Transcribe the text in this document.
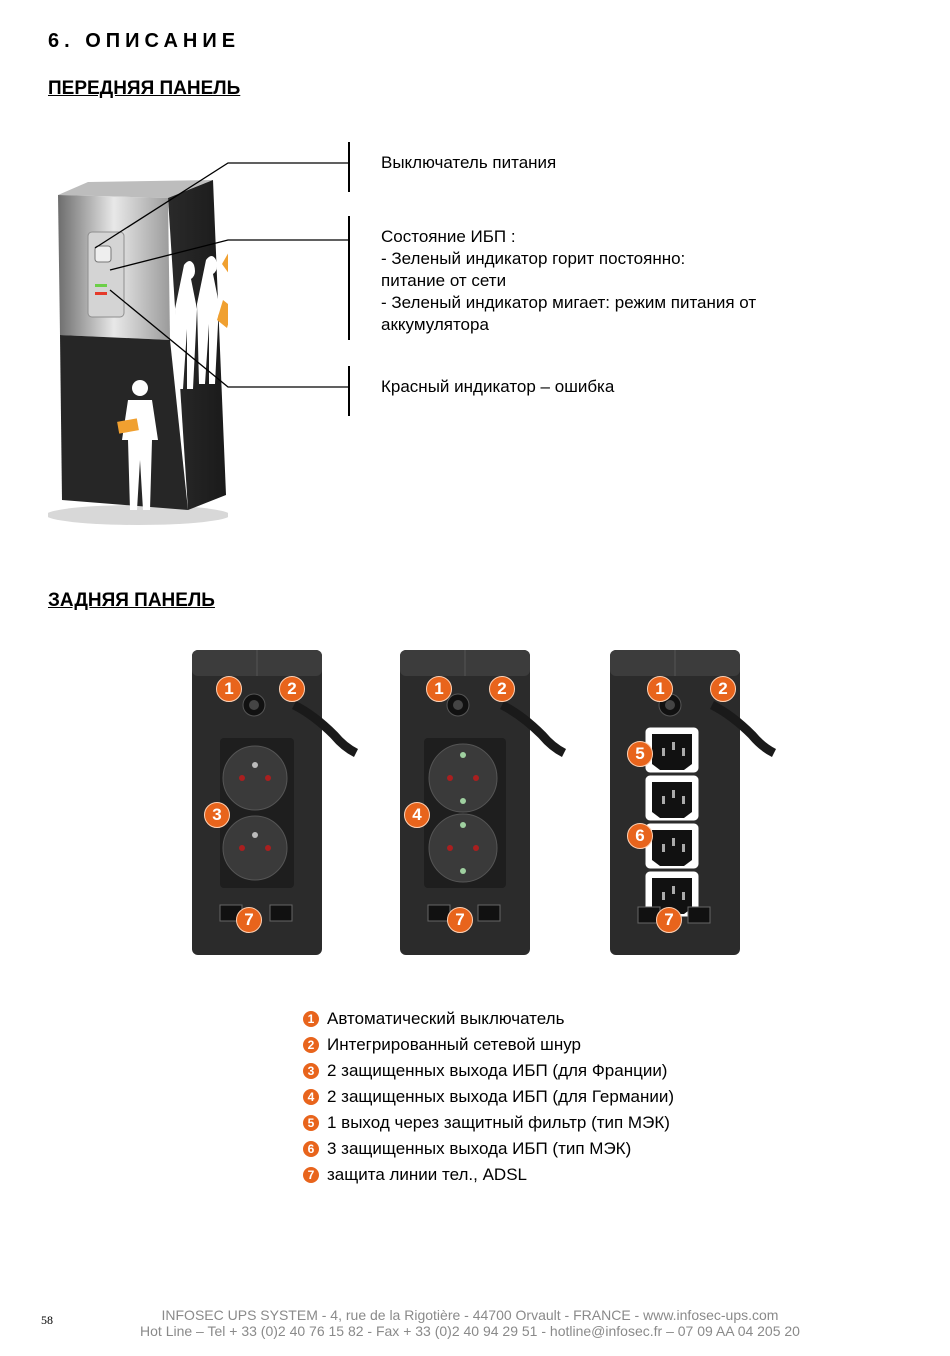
6. ОПИСАНИЕ
ПЕРЕДНЯЯ ПАНЕЛЬ
Выключатель питания
Состояние ИБП :
- Зеленый индикатор горит постоянно:
питание от сети
- Зеленый индикатор мигает: режим питания от
аккумулятора
Красный индикатор – ошибка
ЗАДНЯЯ ПАНЕЛЬ
1	2
3
7
1	2
4
7
1	2
5
6
7
1 Автоматический выключатель
2 Интегрированный сетевой шнур
3 2 защищенных выхода ИБП (для Франции)
4 2 защищенных выхода ИБП (для Германии)
5 1 выход через защитный фильтр (тип МЭК)
6 3 защищенных выхода ИБП (тип МЭК)
7 защита линии тел., ADSL
58	INFOSEC UPS SYSTEM - 4, rue de la Rigotière - 44700 Orvault - FRANCE - www.infosec-ups.com
Hot Line – Tel + 33 (0)2 40 76 15 82 - Fax + 33 (0)2 40 94 29 51 - hotline@infosec.fr – 07 09 AA 04 205 20
